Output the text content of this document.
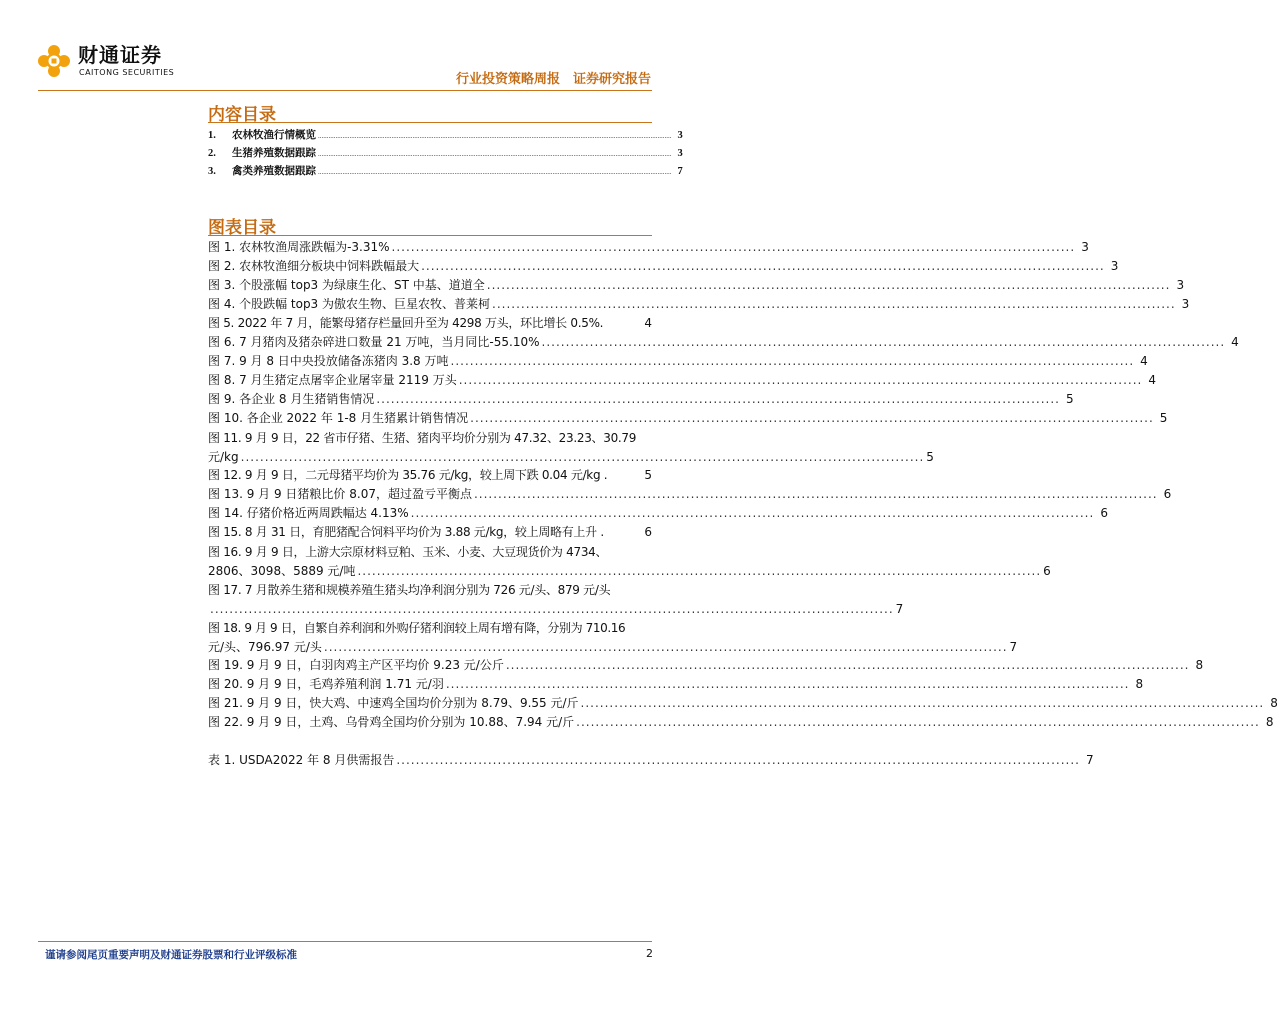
财通证券
CAITONG SECURITIES	行业投资策略周报　证券研究报告
内容目录
1. 农林牧渔行情概览 .......................................................................................................................................................................................................... 3
2. 生猪养殖数据跟踪 .......................................................................................................................................................................................................... 3
3. 禽类养殖数据跟踪 .......................................................................................................................................................................................................... 7
图表目录
图 1. 农林牧渔周涨跌幅为-3.31% .............................................................................................................................................. 3
图 2. 农林牧渔细分板块中饲料跌幅最大 .............................................................................................................................................. 3
图 3. 个股涨幅 top3 为绿康生化、ST 中基、道道全 .............................................................................................................................................. 3
图 4. 个股跌幅 top3 为傲农生物、巨星农牧、普莱柯 .............................................................................................................................................. 3
图 5. 2022 年 7 月，能繁母猪存栏量回升至为 4298 万头，环比增长 0.5%.	4
图 6. 7 月猪肉及猪杂碎进口数量 21 万吨，当月同比-55.10% .............................................................................................................................................. 4
图 7. 9 月 8 日中央投放储备冻猪肉 3.8 万吨 .............................................................................................................................................. 4
图 8. 7 月生猪定点屠宰企业屠宰量 2119 万头 .............................................................................................................................................. 4
图 9. 各企业 8 月生猪销售情况 .............................................................................................................................................. 5
图 10. 各企业 2022 年 1-8 月生猪累计销售情况 .............................................................................................................................................. 5
图 11. 9 月 9 日，22 省市仔猪、生猪、猪肉平均价分别为 47.32、23.23、30.79
元/kg .............................................................................................................................................. 5
图 12. 9 月 9 日，二元母猪平均价为 35.76 元/kg，较上周下跌 0.04 元/kg .	5
图 13. 9 月 9 日猪粮比价 8.07，超过盈亏平衡点 .............................................................................................................................................. 6
图 14. 仔猪价格近两周跌幅达 4.13% .............................................................................................................................................. 6
图 15. 8 月 31 日，育肥猪配合饲料平均价为 3.88 元/kg，较上周略有上升 .	6
图 16. 9 月 9 日，上游大宗原材料豆粕、玉米、小麦、大豆现货价为 4734、
2806、3098、5889 元/吨 .............................................................................................................................................. 6
图 17. 7 月散养生猪和规模养殖生猪头均净利润分别为 726 元/头、879 元/头
.............................................................................................................................................. 7
图 18. 9 月 9 日，自繁自养利润和外购仔猪利润较上周有增有降，分别为 710.16
元/头、796.97 元/头 .............................................................................................................................................. 7
图 19. 9 月 9 日，白羽肉鸡主产区平均价 9.23 元/公斤 .............................................................................................................................................. 8
图 20. 9 月 9 日，毛鸡养殖利润 1.71 元/羽 .............................................................................................................................................. 8
图 21. 9 月 9 日，快大鸡、中速鸡全国均价分别为 8.79、9.55 元/斤 .............................................................................................................................................. 8
图 22. 9 月 9 日，土鸡、乌骨鸡全国均价分别为 10.88、7.94 元/斤 .............................................................................................................................................. 8
表 1. USDA2022 年 8 月供需报告 .............................................................................................................................................. 7
谨请参阅尾页重要声明及财通证券股票和行业评级标准	2
